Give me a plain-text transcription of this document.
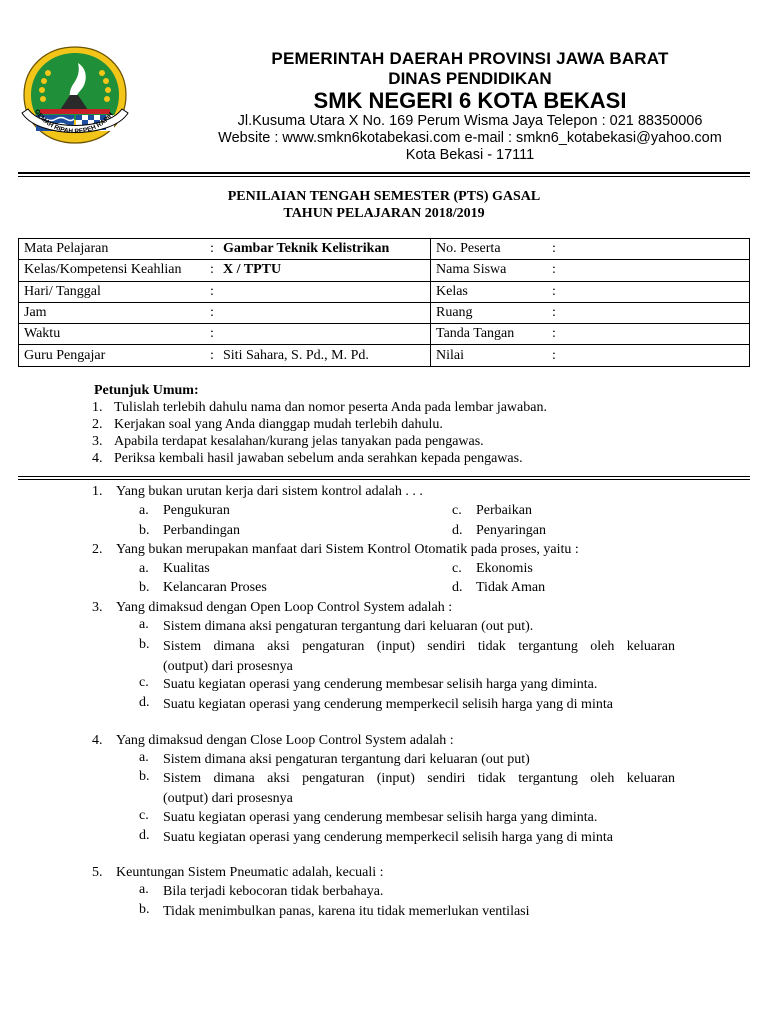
GEMAH RIPAH REPEH RAPIH
PEMERINTAH DAERAH PROVINSI JAWA BARAT
DINAS PENDIDIKAN
SMK NEGERI 6 KOTA BEKASI
Jl.Kusuma Utara X No. 169 Perum Wisma Jaya Telepon : 021 88350006
Website : www.smkn6kotabekasi.com e-mail : smkn6_kotabekasi@yahoo.com
Kota Bekasi - 17111
PENILAIAN TENGAH SEMESTER (PTS) GASAL
TAHUN PELAJARAN 2018/2019
Mata Pelajaran	:	Gambar Teknik Kelistrikan	No. Peserta	:
Kelas/Kompetensi Keahlian	:	X / TPTU	Nama Siswa	:
Hari/ Tanggal	:		Kelas	:
Jam	:		Ruang	:
Waktu	:		Tanda Tangan	:
Guru Pengajar	:	Siti Sahara, S. Pd., M. Pd.	Nilai	:
Petunjuk Umum:
1. Tulislah terlebih dahulu nama dan nomor peserta Anda pada lembar jawaban.
2. Kerjakan soal yang Anda dianggap mudah terlebih dahulu.
3. Apabila terdapat kesalahan/kurang jelas tanyakan pada pengawas.
4. Periksa kembali hasil jawaban sebelum anda serahkan kepada pengawas.
1. Yang bukan urutan kerja dari sistem kontrol adalah . . .
a. Pengukuran	c. Perbaikan
b. Perbandingan	d. Penyaringan
2. Yang bukan merupakan manfaat dari Sistem Kontrol Otomatik pada proses, yaitu :
a. Kualitas	c. Ekonomis
b. Kelancaran Proses	d. Tidak Aman
3. Yang dimaksud dengan Open Loop Control System adalah :
a. Sistem dimana aksi pengaturan tergantung dari keluaran (out put).
b. Sistem dimana aksi pengaturan (input) sendiri tidak tergantung oleh keluaran
(output) dari prosesnya
c. Suatu kegiatan operasi yang cenderung membesar selisih harga yang diminta.
d. Suatu kegiatan operasi yang cenderung memperkecil selisih harga yang di minta
4. Yang dimaksud dengan Close Loop Control System adalah :
a. Sistem dimana aksi pengaturan tergantung dari keluaran (out put)
b. Sistem dimana aksi pengaturan (input) sendiri tidak tergantung oleh keluaran
(output) dari prosesnya
c. Suatu kegiatan operasi yang cenderung membesar selisih harga yang diminta.
d. Suatu kegiatan operasi yang cenderung memperkecil selisih harga yang di minta
5. Keuntungan Sistem Pneumatic adalah, kecuali :
a. Bila terjadi kebocoran tidak berbahaya.
b. Tidak menimbulkan panas, karena itu tidak memerlukan ventilasi
